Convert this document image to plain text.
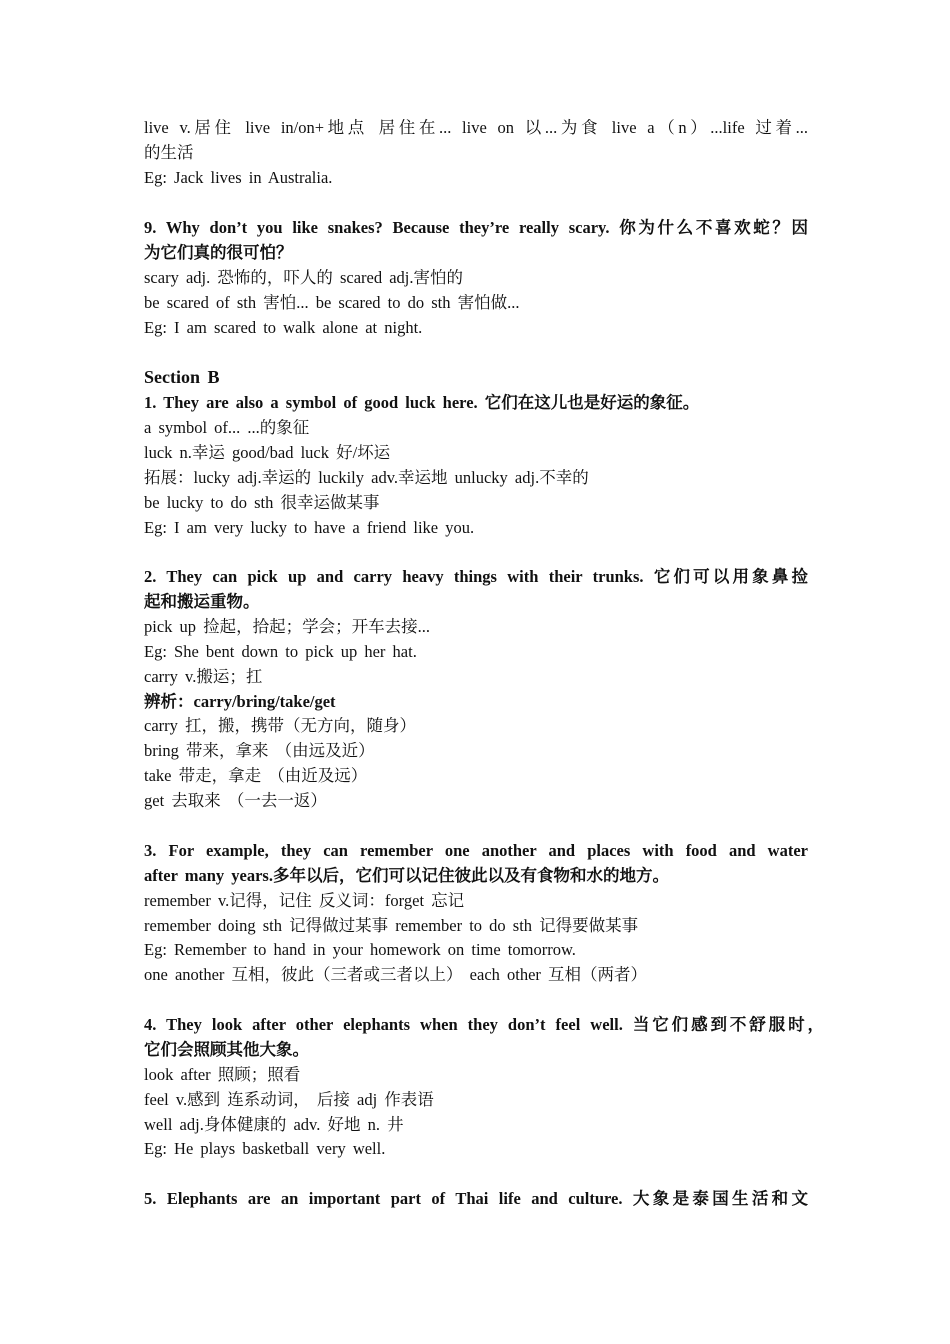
live v.居住 live in/on+地点 居住在... live on 以...为食 live a（n）...life 过着...
的生活
Eg: Jack lives in Australia.
9. Why don’t you like snakes? Because they’re really scary. 你为什么不喜欢蛇？因
为它们真的很可怕？
scary adj. 恐怖的，吓人的 scared adj.害怕的
be scared of sth 害怕... be scared to do sth 害怕做...
Eg: I am scared to walk alone at night.
Section B
1. They are also a symbol of good luck here. 它们在这儿也是好运的象征。
a symbol of... ...的象征
luck n.幸运 good/bad luck 好/坏运
拓展：lucky adj.幸运的 luckily adv.幸运地 unlucky adj.不幸的
be lucky to do sth 很幸运做某事
Eg: I am very lucky to have a friend like you.
2. They can pick up and carry heavy things with their trunks. 它们可以用象鼻捡
起和搬运重物。
pick up 捡起，拾起；学会；开车去接...
Eg: She bent down to pick up her hat.
carry v.搬运；扛
辨析：carry/bring/take/get
carry 扛，搬，携带（无方向，随身）
bring 带来，拿来 （由远及近）
take 带走，拿走 （由近及远）
get 去取来 （一去一返）
3. For example, they can remember one another and places with food and water
after many years.多年以后，它们可以记住彼此以及有食物和水的地方。
remember v.记得，记住 反义词：forget 忘记
remember doing sth 记得做过某事 remember to do sth 记得要做某事
Eg: Remember to hand in your homework on time tomorrow.
one another 互相，彼此（三者或三者以上） each other 互相（两者）
4. They look after other elephants when they don’t feel well. 当它们感到不舒服时，
它们会照顾其他大象。
look after 照顾；照看
feel v.感到 连系动词， 后接 adj 作表语
well adj.身体健康的 adv. 好地 n. 井
Eg: He plays basketball very well.
5. Elephants are an important part of Thai life and culture. 大象是泰国生活和文
